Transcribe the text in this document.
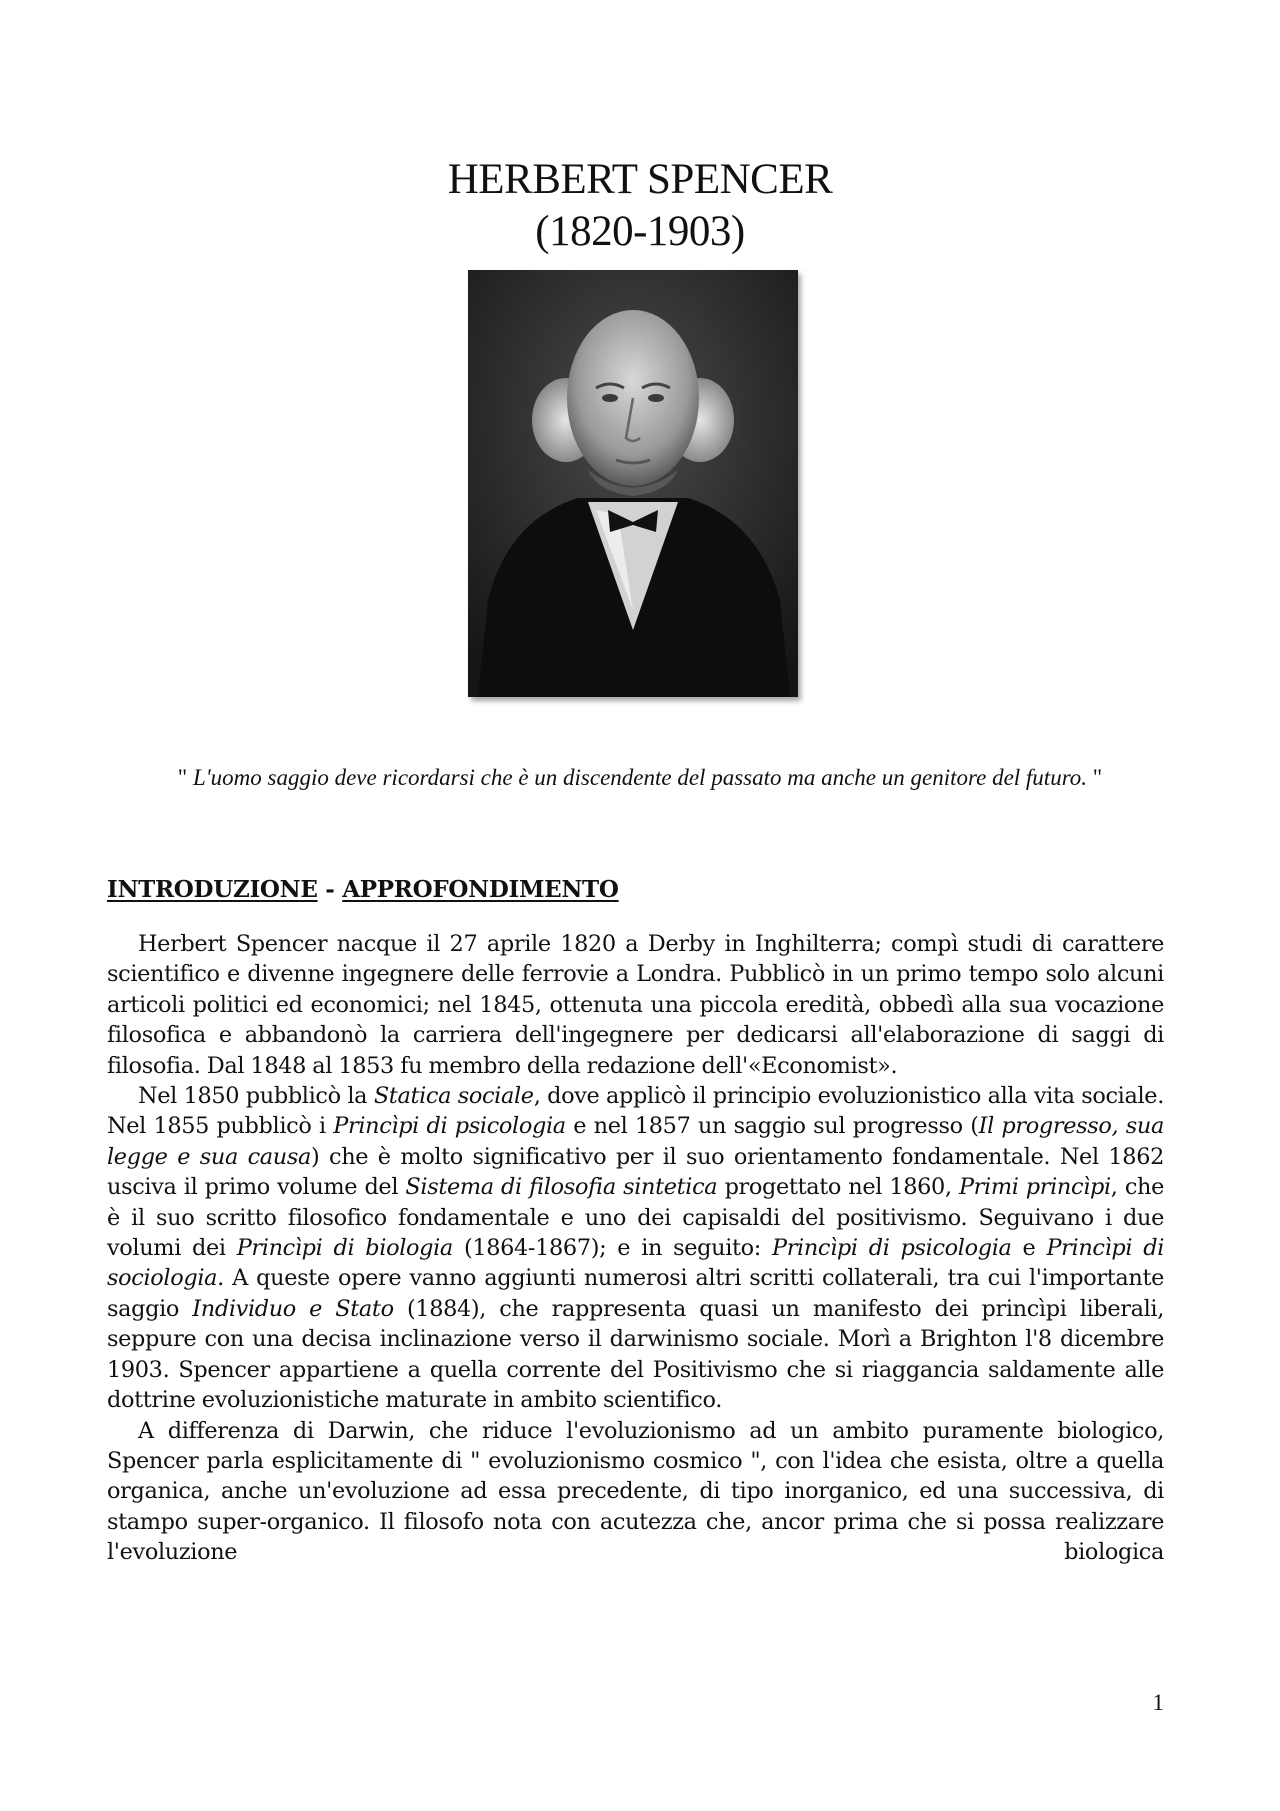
HERBERT SPENCER
(1820-1903)
" L'uomo saggio deve ricordarsi che è un discendente del passato ma anche un genitore del futuro. "
INTRODUZIONE - APPROFONDIMENTO

Herbert Spencer nacque il 27 aprile 1820 a Derby in Inghilterra; compì studi di carattere scientifico e divenne ingegnere delle ferrovie a Londra. Pubblicò in un primo tempo solo alcuni articoli politici ed economici; nel 1845, ottenuta una piccola eredità, obbedì alla sua vocazione filosofica e abbandonò la carriera dell'ingegnere per dedicarsi all'elaborazione di saggi di filosofia. Dal 1848 al 1853 fu membro della redazione dell'«Economist».

Nel 1850 pubblicò la Statica sociale, dove applicò il principio evoluzionistico alla vita sociale. Nel 1855 pubblicò i Princìpi di psicologia e nel 1857 un saggio sul progresso (Il progresso, sua legge e sua causa) che è molto significativo per il suo orientamento fondamentale. Nel 1862 usciva il primo volume del Sistema di filosofia sintetica progettato nel 1860, Primi princìpi, che è il suo scritto filosofico fondamentale e uno dei capisaldi del positivismo. Seguivano i due volumi dei Princìpi di biologia (1864-1867); e in seguito: Princìpi di psicologia e Princìpi di sociologia. A queste opere vanno aggiunti numerosi altri scritti collaterali, tra cui l'importante saggio Individuo e Stato (1884), che rappresenta quasi un manifesto dei princìpi liberali, seppure con una decisa inclinazione verso il darwinismo sociale. Morì a Brighton l'8 dicembre 1903. Spencer appartiene a quella corrente del Positivismo che si riaggancia saldamente alle dottrine evoluzionistiche maturate in ambito scientifico.

A differenza di Darwin, che riduce l'evoluzionismo ad un ambito puramente biologico, Spencer parla esplicitamente di " evoluzionismo cosmico ", con l'idea che esista, oltre a quella organica, anche un'evoluzione ad essa precedente, di tipo inorganico, ed una successiva, di stampo super-organico. Il filosofo nota con acutezza che, ancor prima che si possa realizzare l'evoluzione biologica

1
